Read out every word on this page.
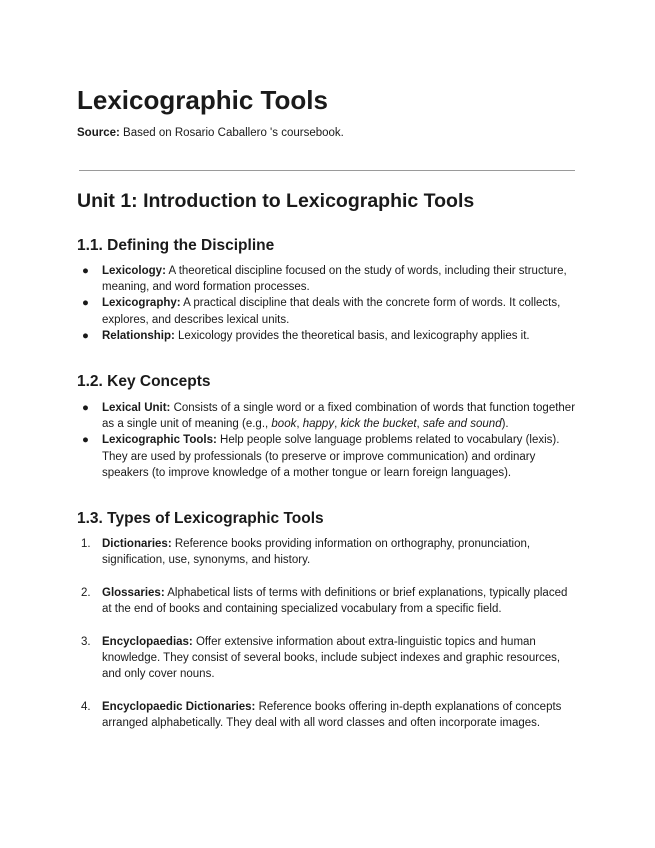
Lexicographic Tools
Source: Based on Rosario Caballero 's coursebook.
Unit 1: Introduction to Lexicographic Tools
1.1. Defining the Discipline
● Lexicology: A theoretical discipline focused on the study of words, including their structure, meaning, and word formation processes.
● Lexicography: A practical discipline that deals with the concrete form of words. It collects, explores, and describes lexical units.
● Relationship: Lexicology provides the theoretical basis, and lexicography applies it.
1.2. Key Concepts
● Lexical Unit: Consists of a single word or a fixed combination of words that function together as a single unit of meaning (e.g., book, happy, kick the bucket, safe and sound).
● Lexicographic Tools: Help people solve language problems related to vocabulary (lexis). They are used by professionals (to preserve or improve communication) and ordinary speakers (to improve knowledge of a mother tongue or learn foreign languages).
1.3. Types of Lexicographic Tools
1. Dictionaries: Reference books providing information on orthography, pronunciation, signification, use, synonyms, and history.
2. Glossaries: Alphabetical lists of terms with definitions or brief explanations, typically placed at the end of books and containing specialized vocabulary from a specific field.
3. Encyclopaedias: Offer extensive information about extra-linguistic topics and human knowledge. They consist of several books, include subject indexes and graphic resources, and only cover nouns.
4. Encyclopaedic Dictionaries: Reference books offering in-depth explanations of concepts arranged alphabetically. They deal with all word classes and often incorporate images.
